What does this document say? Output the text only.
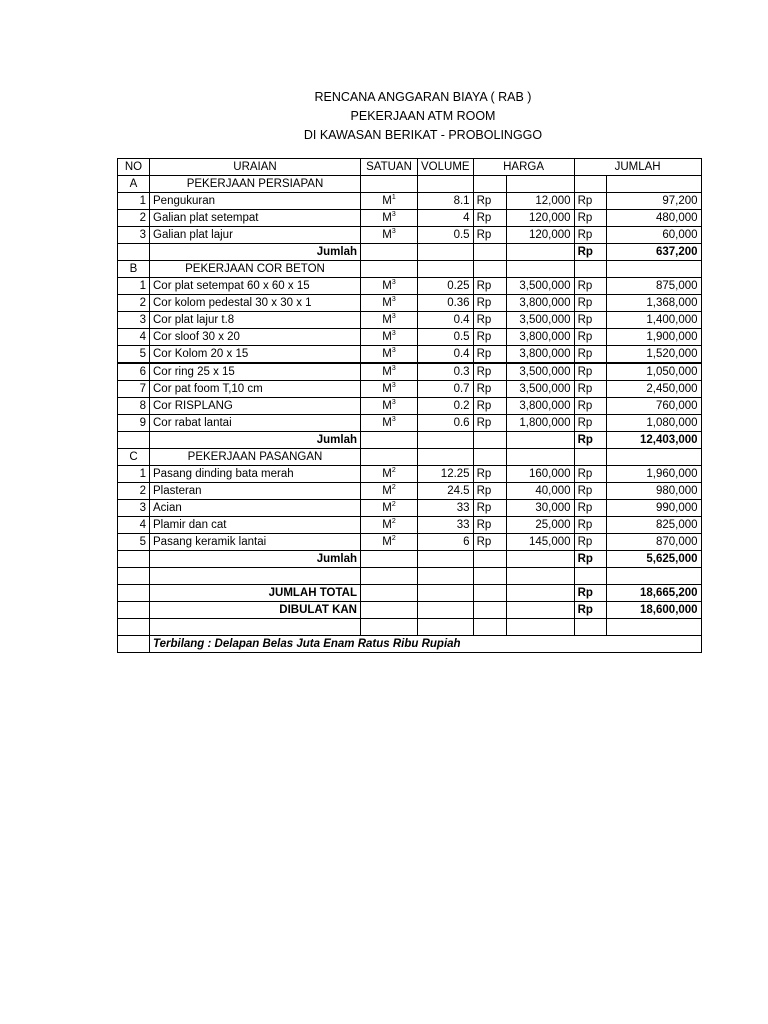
RENCANA ANGGARAN BIAYA ( RAB )
PEKERJAAN ATM ROOM
DI KAWASAN BERIKAT - PROBOLINGGO
NO	URAIAN	SATUAN	VOLUME	HARGA		JUMLAH	
A	PEKERJAAN PERSIAPAN						
1	Pengukuran	$M^1$	8.1	Rp	12,000	Rp	97,200
2	Galian plat setempat	$M^3$	4	Rp	120,000	Rp	480,000
3	Galian plat lajur	$M^3$	0.5	Rp	120,000	Rp	60,000
	Jumlah					Rp	637,200
B	PEKERJAAN COR BETON						
1	Cor plat setempat 60 x 60 x 15	$M^3$	0.25	Rp	3,500,000	Rp	875,000
2	Cor kolom pedestal 30 x 30 x 1	$M^3$	0.36	Rp	3,800,000	Rp	1,368,000
3	Cor plat lajur t.8	$M^3$	0.4	Rp	3,500,000	Rp	1,400,000
4	Cor sloof 30 x 20	$M^3$	0.5	Rp	3,800,000	Rp	1,900,000
5	Cor Kolom 20 x 15	$M^3$	0.4	Rp	3,800,000	Rp	1,520,000
6	Cor ring 25 x 15	$M^3$	0.3	Rp	3,500,000	Rp	1,050,000
7	Cor pat foom T,10 cm	$M^3$	0.7	Rp	3,500,000	Rp	2,450,000
8	Cor RISPLANG	$M^3$	0.2	Rp	3,800,000	Rp	760,000
9	Cor rabat lantai	$M^3$	0.6	Rp	1,800,000	Rp	1,080,000
	Jumlah					Rp	12,403,000
C	PEKERJAAN PASANGAN						
1	Pasang dinding bata merah	$M^2$	12.25	Rp	160,000	Rp	1,960,000
2	Plasteran	$M^2$	24.5	Rp	40,000	Rp	980,000
3	Acian	$M^2$	33	Rp	30,000	Rp	990,000
4	Plamir dan cat	$M^2$	33	Rp	25,000	Rp	825,000
5	Pasang keramik lantai	$M^2$	6	Rp	145,000	Rp	870,000
	Jumlah					Rp	5,625,000

	JUMLAH TOTAL					Rp	18,665,200
	DIBULAT KAN					Rp	18,600,000

	Terbilang : Delapan Belas Juta Enam Ratus Ribu Rupiah						
